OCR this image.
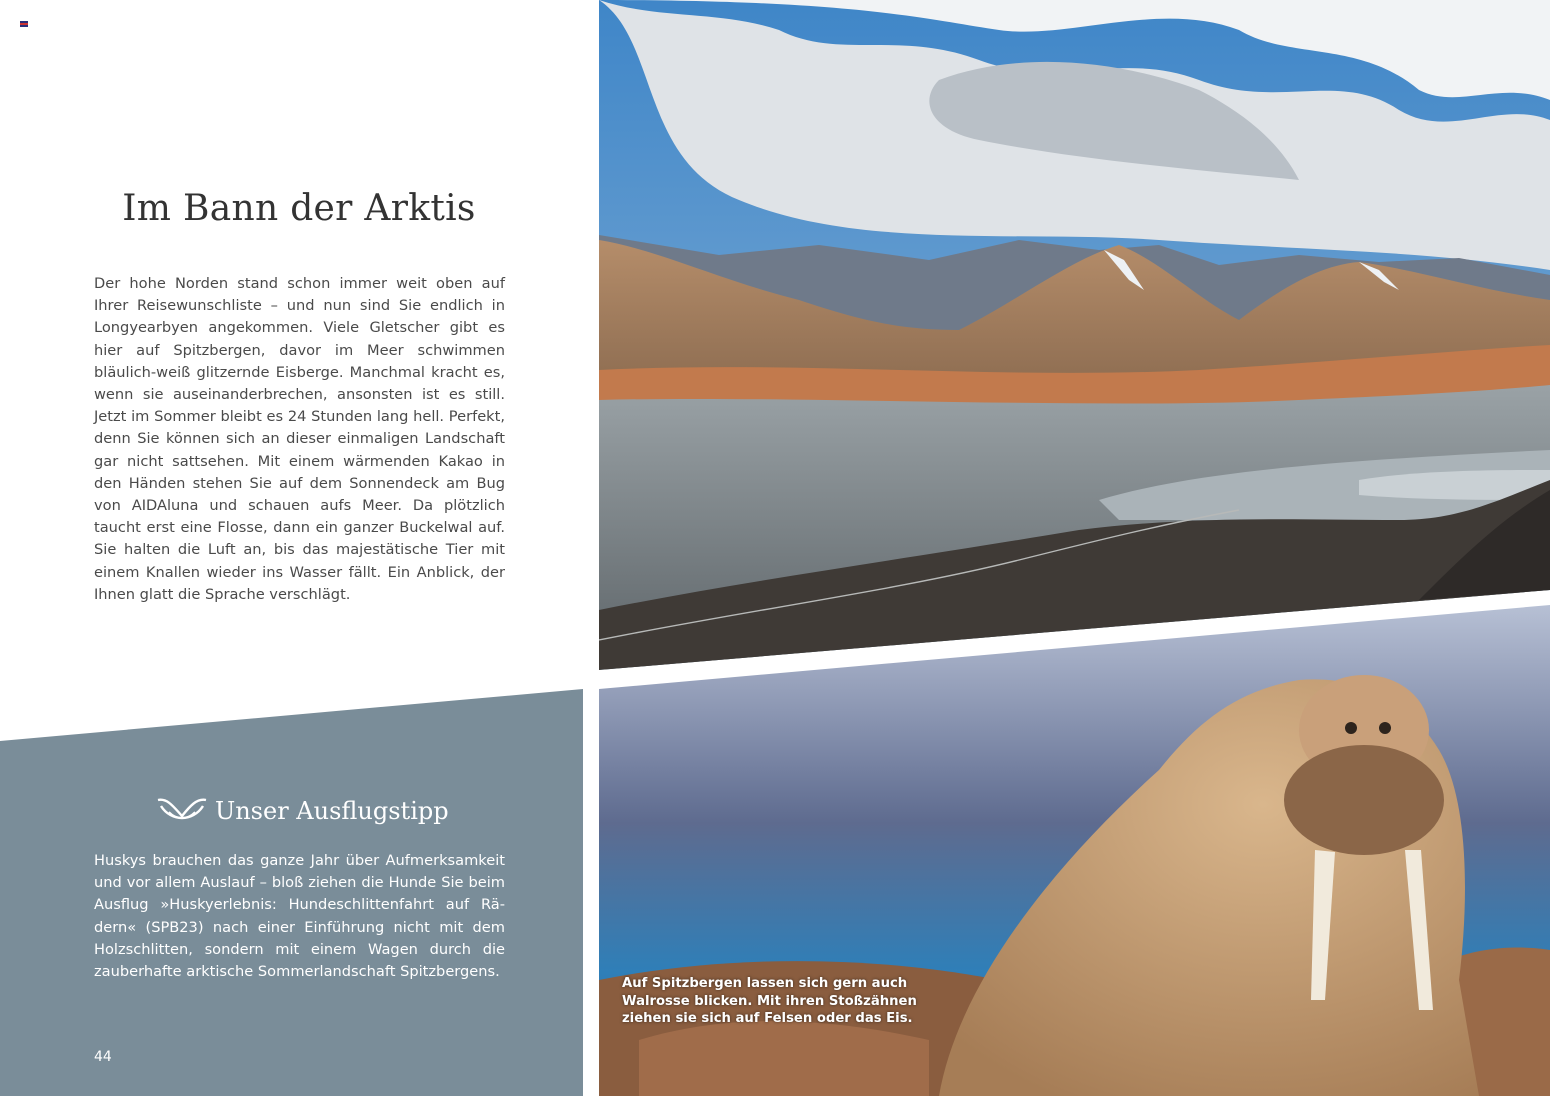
Im Bann der Arktis
Der hohe Norden stand schon immer weit oben auf Ihrer Reisewunschliste – und nun sind Sie endlich in Longyearbyen angekommen. Viele Gletscher gibt es hier auf Spitzbergen, davor im Meer schwimmen bläulich-weiß glitzernde Eisberge. Manchmal kracht es, wenn sie auseinanderbrechen, ansonsten ist es still. Jetzt im Sommer bleibt es 24 Stunden lang hell. Perfekt, denn Sie können sich an dieser einmaligen Landschaft gar nicht sattsehen. Mit einem wärmenden Kakao in den Händen stehen Sie auf dem Sonnendeck am Bug von AIDAluna und schauen aufs Meer. Da plötzlich taucht erst eine Flosse, dann ein ganzer Buckelwal auf. Sie halten die Luft an, bis das majestätische Tier mit einem Knallen wieder ins Wasser fällt. Ein Anblick, der Ihnen glatt die Sprache verschlägt.
Unser Ausflugstipp
Huskys brauchen das ganze Jahr über Aufmerksamkeit und vor allem Auslauf – bloß ziehen die Hunde Sie beim Ausflug »Huskyerlebnis: Hundeschlittenfahrt auf Rädern« (SPB23) nach einer Einführung nicht mit dem Holzschlitten, sondern mit einem Wagen durch die zauberhafte arktische Sommerlandschaft Spitzbergens.
44
Auf Spitzbergen lassen sich gern auch Walrosse blicken. Mit ihren Stoßzähnen ziehen sie sich auf Felsen oder das Eis.
